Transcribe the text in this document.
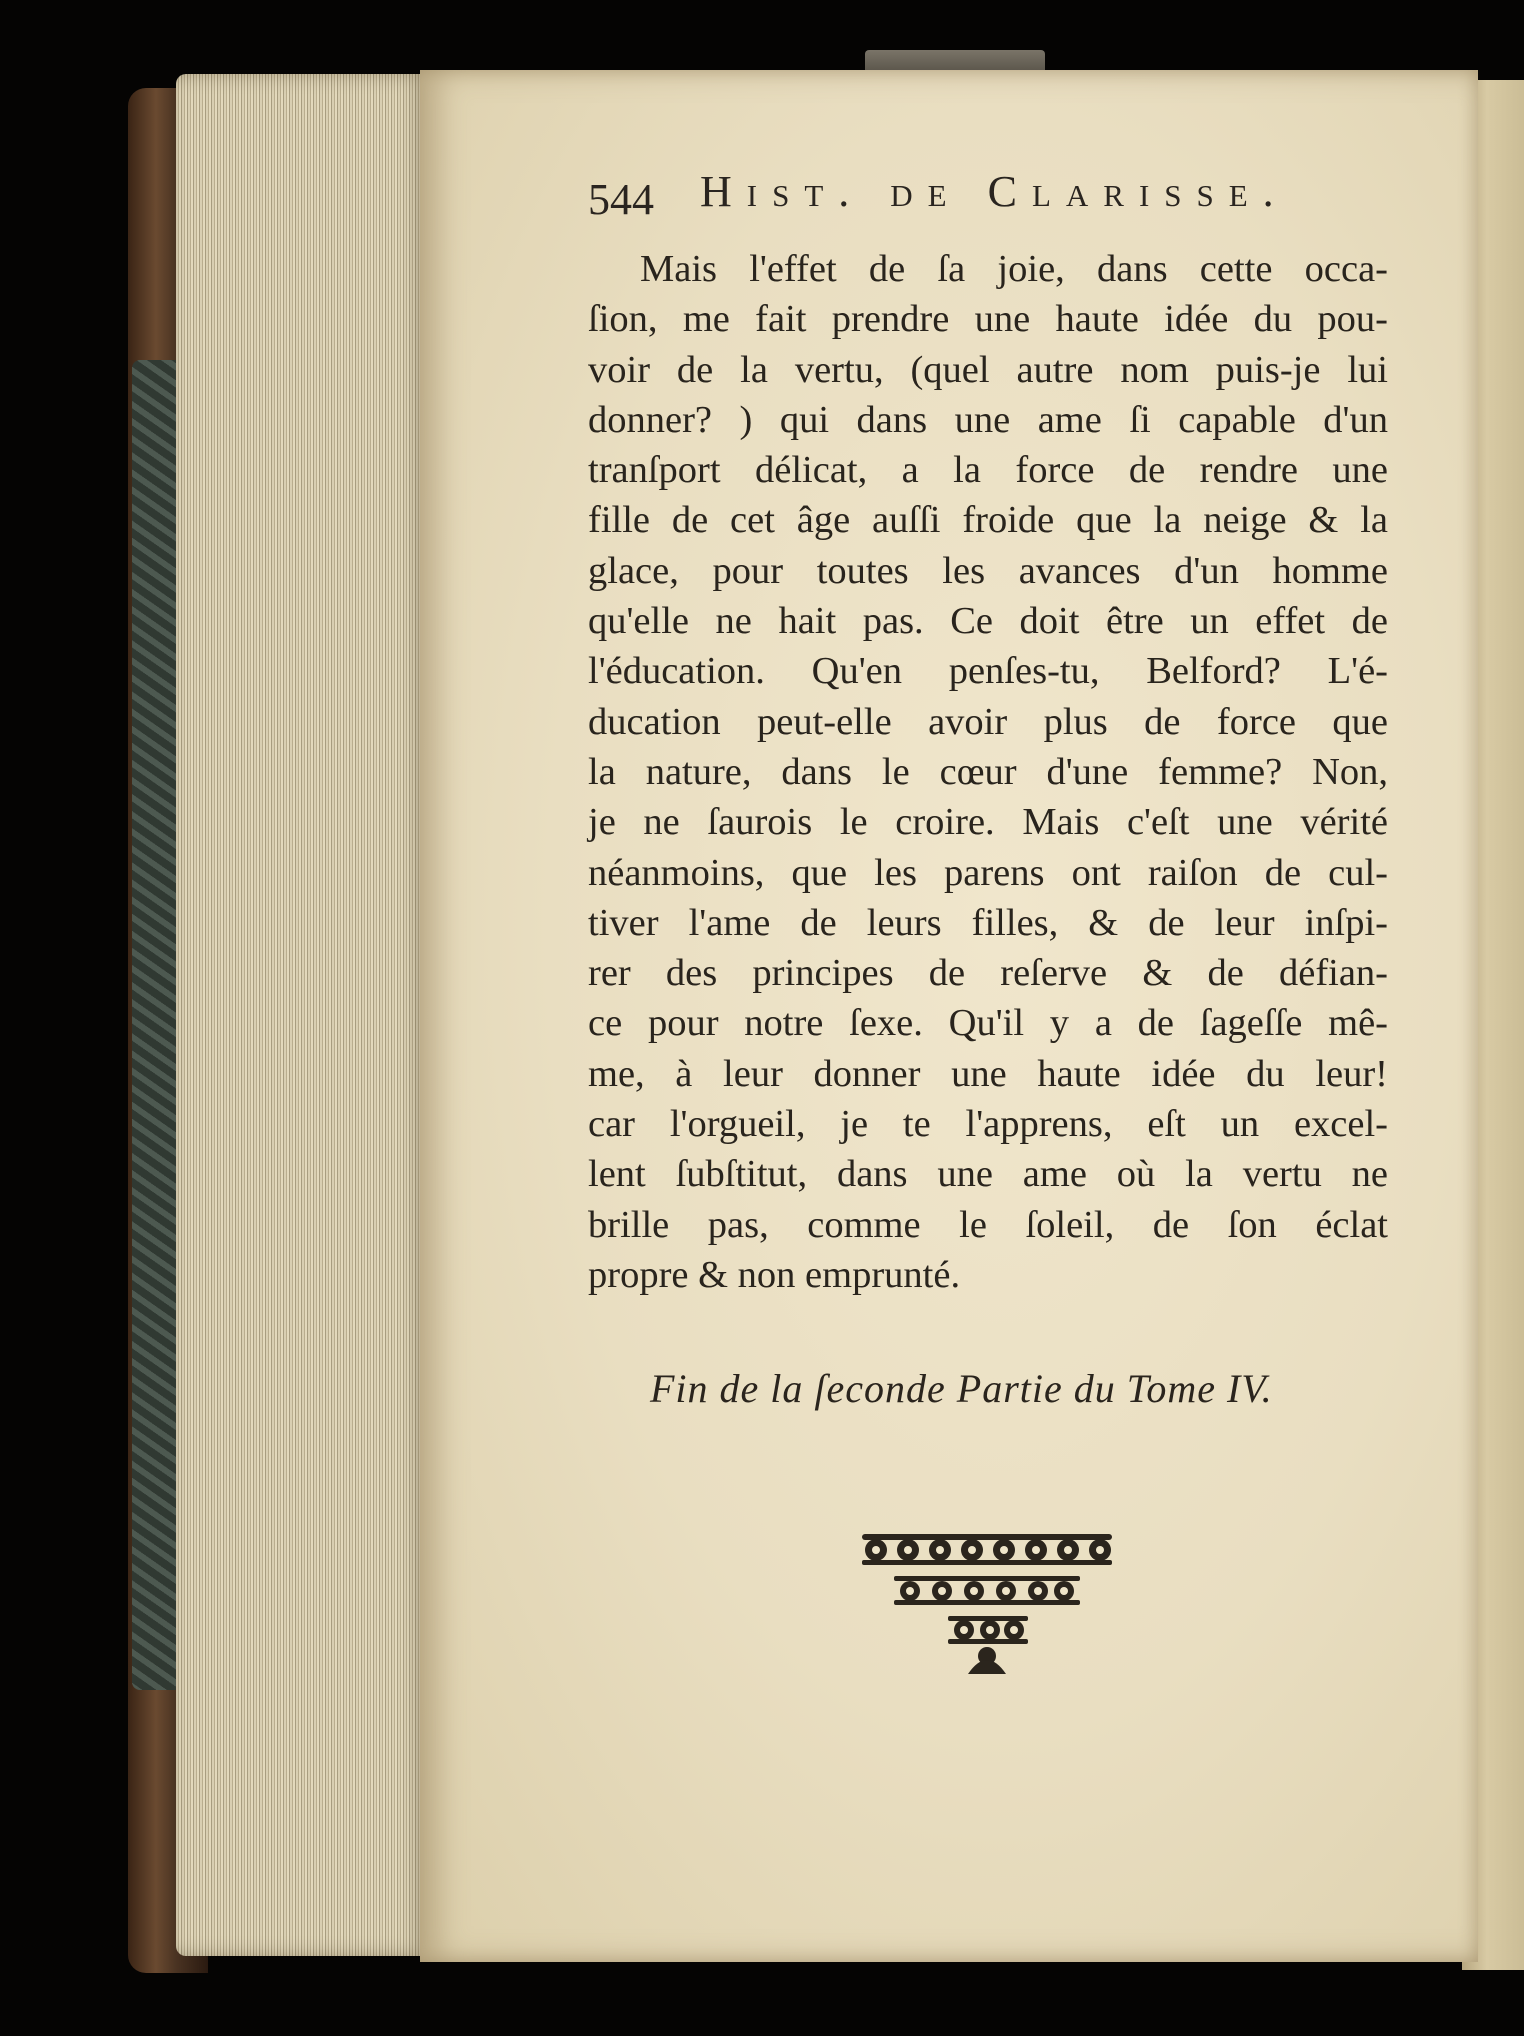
544 Hist. de Clarisse.
Mais l'effet de ſa joie, dans cette occa-
ſion, me fait prendre une haute idée du pou-
voir de la vertu, (quel autre nom puis-je lui
donner? ) qui dans une ame ſi capable d'un
tranſport délicat, a la force de rendre une
fille de cet âge auſſi froide que la neige & la
glace, pour toutes les avances d'un homme
qu'elle ne hait pas. Ce doit être un effet de
l'éducation. Qu'en penſes-tu, Belford? L'é-
ducation peut-elle avoir plus de force que
la nature, dans le cœur d'une femme? Non,
je ne ſaurois le croire. Mais c'eſt une vérité
néanmoins, que les parens ont raiſon de cul-
tiver l'ame de leurs filles, & de leur inſpi-
rer des principes de reſerve & de défian-
ce pour notre ſexe. Qu'il y a de ſageſſe mê-
me, à leur donner une haute idée du leur!
car l'orgueil, je te l'apprens, eſt un excel-
lent ſubſtitut, dans une ame où la vertu ne
brille pas, comme le ſoleil, de ſon éclat
propre & non emprunté.
Fin de la ſeconde Partie du Tome IV.
